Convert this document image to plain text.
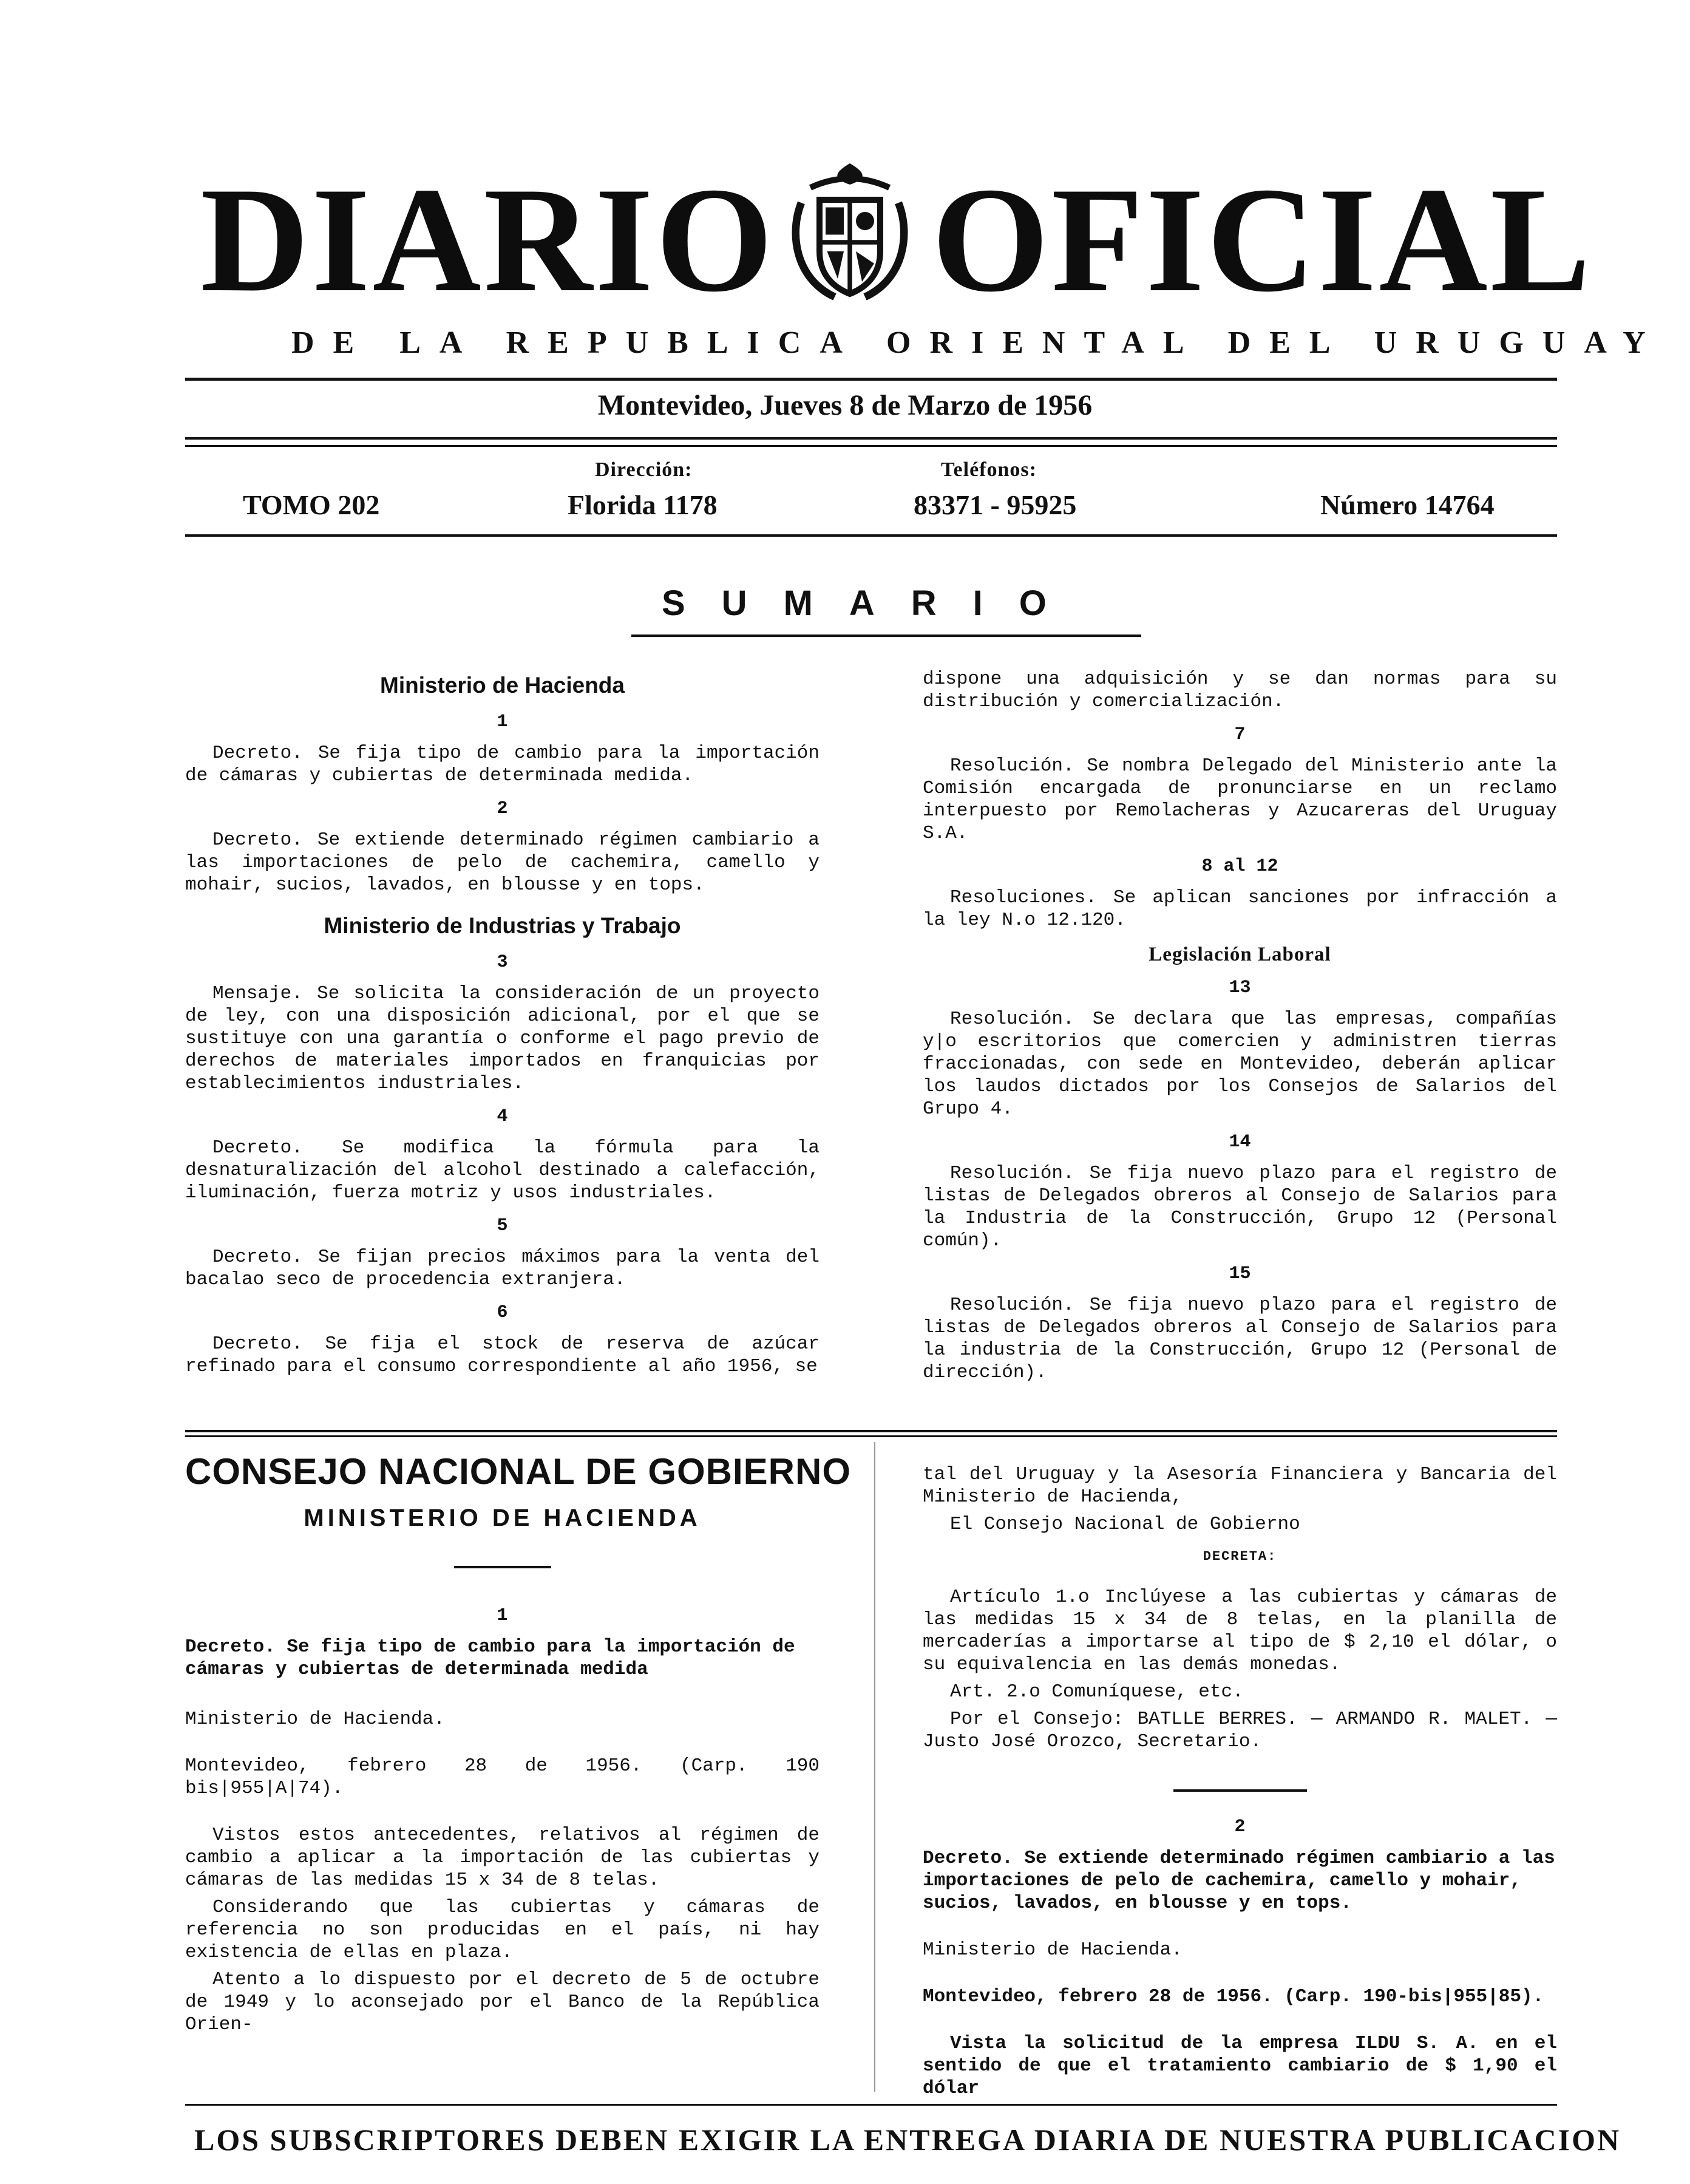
DIARIO OFICIAL
DE LA REPUBLICA ORIENTAL DEL URUGUAY
Montevideo, Jueves 8 de Marzo de 1956
TOMO 202
Dirección:
Florida 1178
Teléfonos:
83371 - 95925	Número 14764
SUMARIO
Ministerio de Hacienda
1

Decreto. Se fija tipo de cambio para la importación de cámaras y cubiertas de determinada medida.

2

Decreto. Se extiende determinado régimen cambiario a las importaciones de pelo de cachemira, camello y mohair, sucios, lavados, en blousse y en tops.

Ministerio de Industrias y Trabajo
3

Mensaje. Se solicita la consideración de un proyecto de ley, con una disposición adicional, por el que se sustituye con una garantía o conforme el pago previo de derechos de materiales importados en franquicias por establecimientos industriales.

4

Decreto. Se modifica la fórmula para la desnaturalización del alcohol destinado a calefacción, iluminación, fuerza motriz y usos industriales.

5

Decreto. Se fijan precios máximos para la venta del bacalao seco de procedencia extranjera.

6

Decreto. Se fija el stock de reserva de azúcar refinado para el consumo correspondiente al año 1956, se

dispone una adquisición y se dan normas para su distribución y comercialización.

7

Resolución. Se nombra Delegado del Ministerio ante la Comisión encargada de pronunciarse en un reclamo interpuesto por Remolacheras y Azucareras del Uruguay S.A.

8 al 12

Resoluciones. Se aplican sanciones por infracción a la ley N.o 12.120.

Legislación Laboral
13

Resolución. Se declara que las empresas, compañías y|o escritorios que comercien y administren tierras fraccionadas, con sede en Montevideo, deberán aplicar los laudos dictados por los Consejos de Salarios del Grupo 4.

14

Resolución. Se fija nuevo plazo para el registro de listas de Delegados obreros al Consejo de Salarios para la Industria de la Construcción, Grupo 12 (Personal común).

15

Resolución. Se fija nuevo plazo para el registro de listas de Delegados obreros al Consejo de Salarios para la industria de la Construcción, Grupo 12 (Personal de dirección).

CONSEJO NACIONAL DE GOBIERNO
MINISTERIO DE HACIENDA
1
Decreto. Se fija tipo de cambio para la importación de cámaras y cubiertas de determinada medida

Ministerio de Hacienda.

Montevideo, febrero 28 de 1956. (Carp. 190 bis|955|A|74).

Vistos estos antecedentes, relativos al régimen de cambio a aplicar a la importación de las cubiertas y cámaras de las medidas 15 x 34 de 8 telas.

Considerando que las cubiertas y cámaras de referencia no son producidas en el país, ni hay existencia de ellas en plaza.

Atento a lo dispuesto por el decreto de 5 de octubre de 1949 y lo aconsejado por el Banco de la República Orien-

tal del Uruguay y la Asesoría Financiera y Bancaria del Ministerio de Hacienda,

El Consejo Nacional de Gobierno

DECRETA:

Artículo 1.o Inclúyese a las cubiertas y cámaras de las medidas 15 x 34 de 8 telas, en la planilla de mercaderías a importarse al tipo de $ 2,10 el dólar, o su equivalencia en las demás monedas.

Art. 2.o Comuníquese, etc.

Por el Consejo: BATLLE BERRES. — ARMANDO R. MALET. — Justo José Orozco, Secretario.

2
Decreto. Se extiende determinado régimen cambiario a las importaciones de pelo de cachemira, camello y mohair, sucios, lavados, en blousse y en tops.

Ministerio de Hacienda.

Montevideo, febrero 28 de 1956. (Carp. 190-bis|955|85).

Vista la solicitud de la empresa ILDU S. A. en el sentido de que el tratamiento cambiario de $ 1,90 el dólar

LOS SUBSCRIPTORES DEBEN EXIGIR LA ENTREGA DIARIA DE NUESTRA PUBLICACION
